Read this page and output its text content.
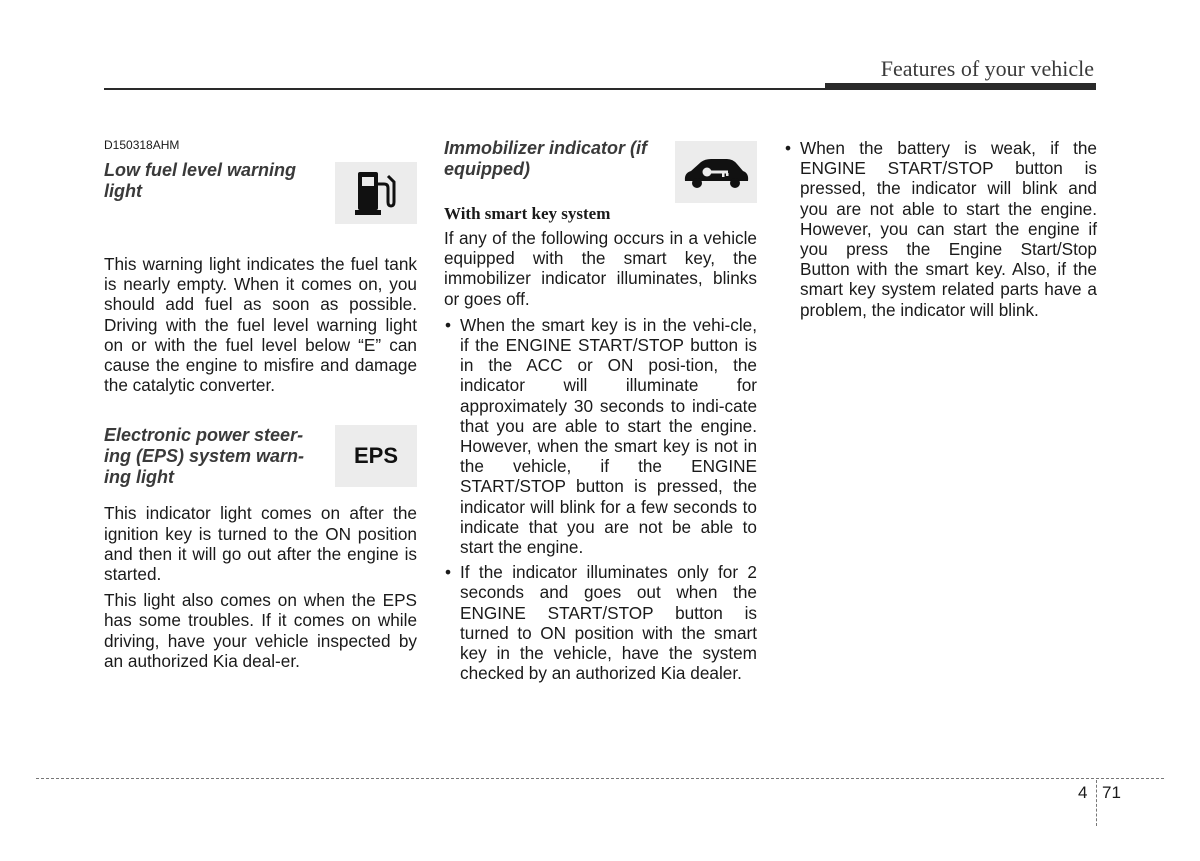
Features of your vehicle

D150318AHM

Low fuel level warning light

This warning light indicates the fuel tank is nearly empty. When it comes on, you should add fuel as soon as possible. Driving with the fuel level warning light on or with the fuel level below “E” can cause the engine to misfire and damage the catalytic converter.

Electronic power steer-ing (EPS) system warn-ing light

EPS

This indicator light comes on after the ignition key is turned to the ON position and then it will go out after the engine is started.

This light also comes on when the EPS has some troubles. If it comes on while driving, have your vehicle inspected by an authorized Kia deal-er.

Immobilizer indicator (if equipped)

With smart key system

If any of the following occurs in a vehicle equipped with the smart key, the immobilizer indicator illuminates, blinks or goes off.

• When the smart key is in the vehi-cle, if the ENGINE START/STOP button is in the ACC or ON posi-tion, the indicator will illuminate for approximately 30 seconds to indi-cate that you are able to start the engine. However, when the smart key is not in the vehicle, if the ENGINE START/STOP button is pressed, the indicator will blink for a few seconds to indicate that you are not be able to start the engine.
• If the indicator illuminates only for 2 seconds and goes out when the ENGINE START/STOP button is turned to ON position with the smart key in the vehicle, have the system checked by an authorized Kia dealer.
• When the battery is weak, if the ENGINE START/STOP button is pressed, the indicator will blink and you are not able to start the engine. However, you can start the engine if you press the Engine Start/Stop Button with the smart key. Also, if the smart key system related parts have a problem, the indicator will blink.
4 71
